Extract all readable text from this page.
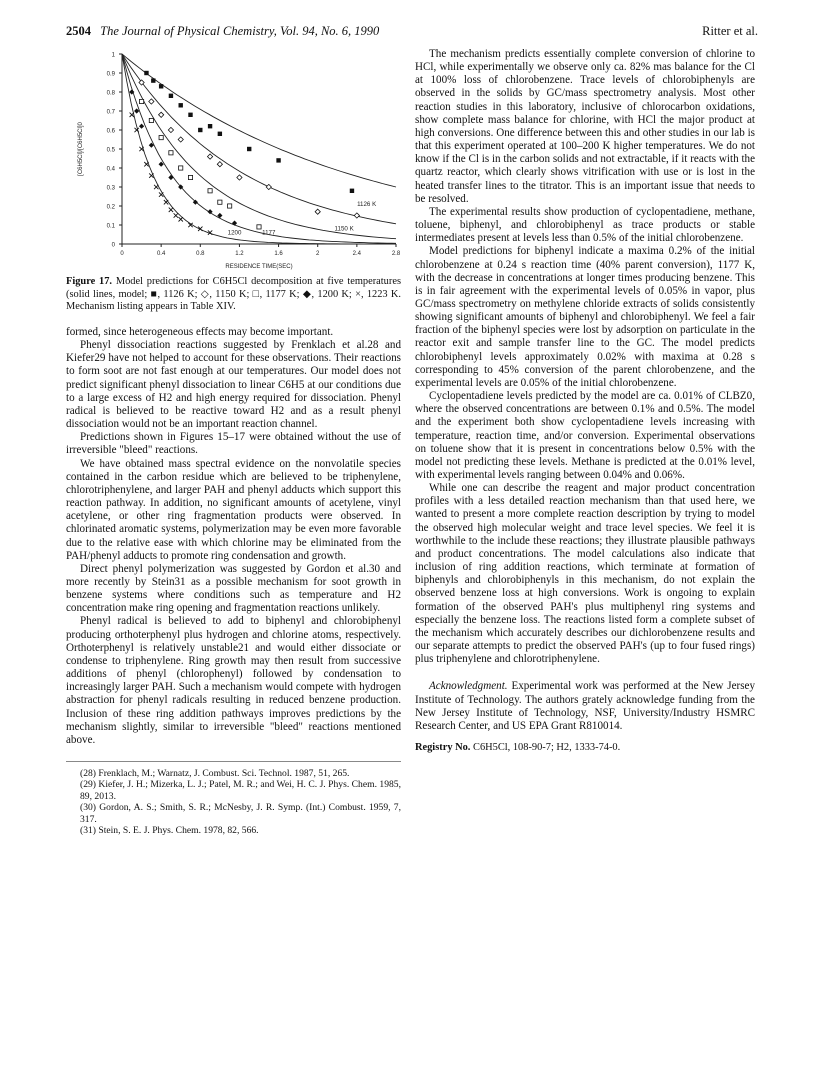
2504 The Journal of Physical Chemistry, Vol. 94, No. 6, 1990	Ritter et al.
0
0.1
0.2
0.3
0.4
0.5
0.6
0.7
0.8
0.9
1
0	0.4	0.8	1.2	1.6	2	2.4	2.8
RESIDENCE TIME(SEC)
[C6H5Cl]/[C6H5Cl]0
1126 K
1150 K
1177
1200
Figure 17. Model predictions for C6H5Cl decomposition at five temperatures (solid lines, model; ■, 1126 K; ◇, 1150 K; □, 1177 K; ◆, 1200 K; ×, 1223 K. Mechanism listing appears in Table XIV.

formed, since heterogeneous effects may become important.

Phenyl dissociation reactions suggested by Frenklach et al.28 and Kiefer29 have not helped to account for these observations. Their reactions to form soot are not fast enough at our temperatures. Our model does not predict significant phenyl dissociation to linear C6H5 at our conditions due to a large excess of H2 and high energy required for dissociation. Phenyl radical is believed to be reactive toward H2 and as a result phenyl dissociation would not be an important reaction channel.

Predictions shown in Figures 15–17 were obtained without the use of irreversible "bleed" reactions.

We have obtained mass spectral evidence on the nonvolatile species contained in the carbon residue which are believed to be triphenylene, chlorotriphenylene, and larger PAH and phenyl adducts which support this reaction pathway. In addition, no significant amounts of acetylene, vinyl acetylene, or other ring fragmentation products were observed. In chlorinated aromatic systems, polymerization may be even more favorable due to the relative ease with which chlorine may be eliminated from the PAH/phenyl adducts to promote ring condensation and growth.

Direct phenyl polymerization was suggested by Gordon et al.30 and more recently by Stein31 as a possible mechanism for soot growth in benzene systems where conditions such as temperature and H2 concentration make ring opening and fragmentation reactions unlikely.

Phenyl radical is believed to add to biphenyl and chlorobiphenyl producing orthoterphenyl plus hydrogen and chlorine atoms, respectively. Orthoterphenyl is relatively unstable21 and would either dissociate or condense to triphenylene. Ring growth may then result from successive additions of phenyl (chlorophenyl) followed by condensation to increasingly larger PAH. Such a mechanism would compete with hydrogen abstraction for phenyl radicals resulting in reduced benzene production. Inclusion of these ring addition pathways improves predictions by the mechanism slightly, similar to irreversible "bleed" reactions mentioned above.

(28) Frenklach, M.; Warnatz, J. Combust. Sci. Technol. 1987, 51, 265.
(29) Kiefer, J. H.; Mizerka, L. J.; Patel, M. R.; and Wei, H. C. J. Phys. Chem. 1985, 89, 2013.
(30) Gordon, A. S.; Smith, S. R.; McNesby, J. R. Symp. (Int.) Combust. 1959, 7, 317.
(31) Stein, S. E. J. Phys. Chem. 1978, 82, 566.

The mechanism predicts essentially complete conversion of chlorine to HCl, while experimentally we observe only ca. 82% mas balance for the Cl at 100% loss of chlorobenzene. Trace levels of chlorobiphenyls are observed in the solids by GC/mass spectrometry analysis. Most other reaction studies in this laboratory, inclusive of chlorocarbon oxidations, show complete mass balance for chlorine, with HCl the major product at high conversions. One difference between this and other studies in our lab is that this experiment operated at 100–200 K higher temperatures. We do not know if the Cl is in the carbon solids and not extractable, if it reacts with the quartz reactor, which clearly shows vitrification with use or is lost in the heated transfer lines to the titrator. This is an important issue that needs to be resolved.

The experimental results show production of cyclopentadiene, methane, toluene, biphenyl, and chlorobiphenyl as trace products or stable intermediates present at levels less than 0.5% of the initial chlorobenzene.

Model predictions for biphenyl indicate a maxima 0.2% of the initial chlorobenzene at 0.24 s reaction time (40% parent conversion), 1177 K, with the decrease in concentrations at longer times producing benzene. This is in fair agreement with the experimental levels of 0.05% in vapor, plus GC/mass spectrometry on methylene chloride extracts of solids consistently showing significant amounts of biphenyl and chlorobiphenyl. We feel a fair fraction of the biphenyl species were lost by adsorption on particulate in the reactor exit and sample transfer line to the GC. The model predicts chlorobiphenyl levels approximately 0.02% with maxima at 0.28 s corresponding to 45% conversion of the parent chlorobenzene, and the experimental levels are 0.05% of the initial chlorobenzene.

Cyclopentadiene levels predicted by the model are ca. 0.01% of CLBZ0, where the observed concentrations are between 0.1% and 0.5%. The model and the experiment both show cyclopentadiene levels increasing with temperature, reaction time, and/or conversion. Experimental observations on toluene show that it is present in concentrations below 0.5% with the model not predicting these levels. Methane is predicted at the 0.01% level, with experimental levels ranging between 0.04% and 0.06%.

While one can describe the reagent and major product concentration profiles with a less detailed reaction mechanism than that used here, we wanted to present a more complete reaction description by trying to model the observed high molecular weight and trace level species. We feel it is worthwhile to the include these reactions; they illustrate plausible pathways and product concentrations. The model calculations also indicate that inclusion of ring addition reactions, which terminate at formation of biphenyls and chlorobiphenyls in this mechanism, do not explain the observed benzene loss at high conversions. Work is ongoing to explain formation of the observed PAH's plus multiphenyl ring systems and especially the benzene loss. The reactions listed form a complete subset of the mechanism which accurately describes our dichlorobenzene results and our separate attempts to predict the observed PAH's (up to four fused rings) plus triphenylene and chlorotriphenylene.

Acknowledgment. Experimental work was performed at the New Jersey Institute of Technology. The authors grately acknowledge funding from the New Jersey Institute of Technology, NSF, University/Industry HSMRC Research Center, and US EPA Grant R810014.

Registry No. C6H5Cl, 108-90-7; H2, 1333-74-0.
